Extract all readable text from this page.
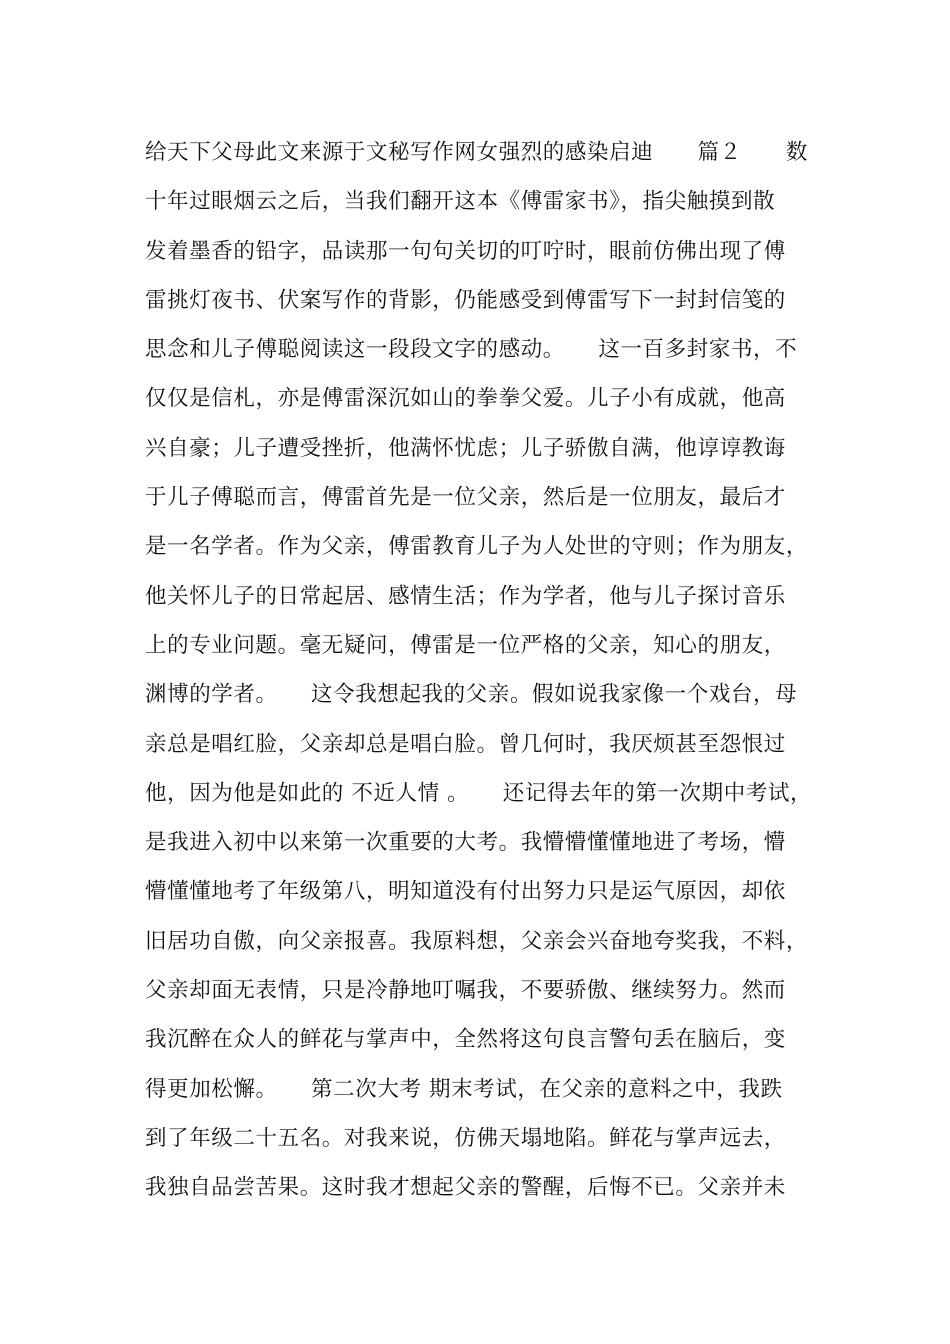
给天下父母此文来源于文秘写作网女强烈的感染启迪　　篇２　　数
十年过眼烟云之后，当我们翻开这本《傅雷家书》，指尖触摸到散
发着墨香的铅字，品读那一句句关切的叮咛时，眼前仿佛出现了傅
雷挑灯夜书、伏案写作的背影，仍能感受到傅雷写下一封封信笺的
思念和儿子傅聪阅读这一段段文字的感动。　　这一百多封家书，不
仅仅是信札，亦是傅雷深沉如山的拳拳父爱。儿子小有成就，他高
兴自豪；儿子遭受挫折，他满怀忧虑；儿子骄傲自满，他谆谆教诲
于儿子傅聪而言，傅雷首先是一位父亲，然后是一位朋友，最后才
是一名学者。作为父亲，傅雷教育儿子为人处世的守则；作为朋友，
他关怀儿子的日常起居、感情生活；作为学者，他与儿子探讨音乐
上的专业问题。毫无疑问，傅雷是一位严格的父亲，知心的朋友，
渊博的学者。　　这令我想起我的父亲。假如说我家像一个戏台，母
亲总是唱红脸，父亲却总是唱白脸。曾几何时，我厌烦甚至怨恨过
他，因为他是如此的 不近人情 。　　还记得去年的第一次期中考试，
是我进入初中以来第一次重要的大考。我懵懵懂懂地进了考场，懵
懵懂懂地考了年级第八，明知道没有付出努力只是运气原因，却依
旧居功自傲，向父亲报喜。我原料想，父亲会兴奋地夸奖我，不料，
父亲却面无表情，只是冷静地叮嘱我，不要骄傲、继续努力。然而
我沉醉在众人的鲜花与掌声中，全然将这句良言警句丢在脑后，变
得更加松懈。　　第二次大考 期末考试，在父亲的意料之中，我跌
到了年级二十五名。对我来说，仿佛天塌地陷。鲜花与掌声远去，
我独自品尝苦果。这时我才想起父亲的警醒，后悔不已。父亲并未
